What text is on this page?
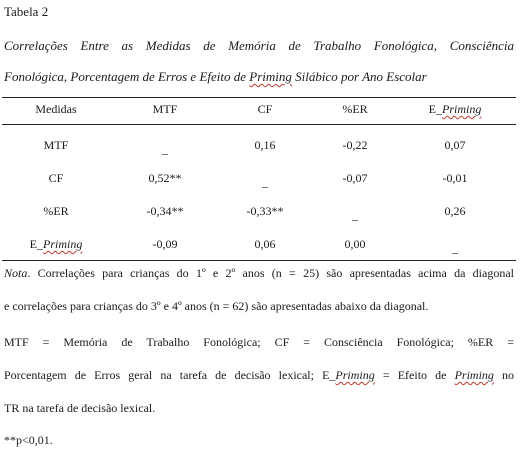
Tabela 2
Correlações Entre as Medidas de Memória de Trabalho Fonológica, Consciência
Fonológica, Porcentagem de Erros e Efeito de Priming Silábico por Ano Escolar
Medidas	MTF	CF	%ER	E_Priming
MTF	_	0,16	-0,22	0,07
CF	0,52**	_	-0,07	-0,01
%ER	-0,34**	-0,33**	_	0,26
E_Priming	-0,09	0,06	0,00	_
Nota. Correlações para crianças do 1º e 2º anos (n = 25) são apresentadas acima da diagonal
e correlações para crianças do 3º e 4º anos (n = 62) são apresentadas abaixo da diagonal.
MTF = Memória de Trabalho Fonológica; CF = Consciência Fonológica; %ER =
Porcentagem de Erros geral na tarefa de decisão lexical; E_Priming = Efeito de Priming no
TR na tarefa de decisão lexical.
**p<0,01.
